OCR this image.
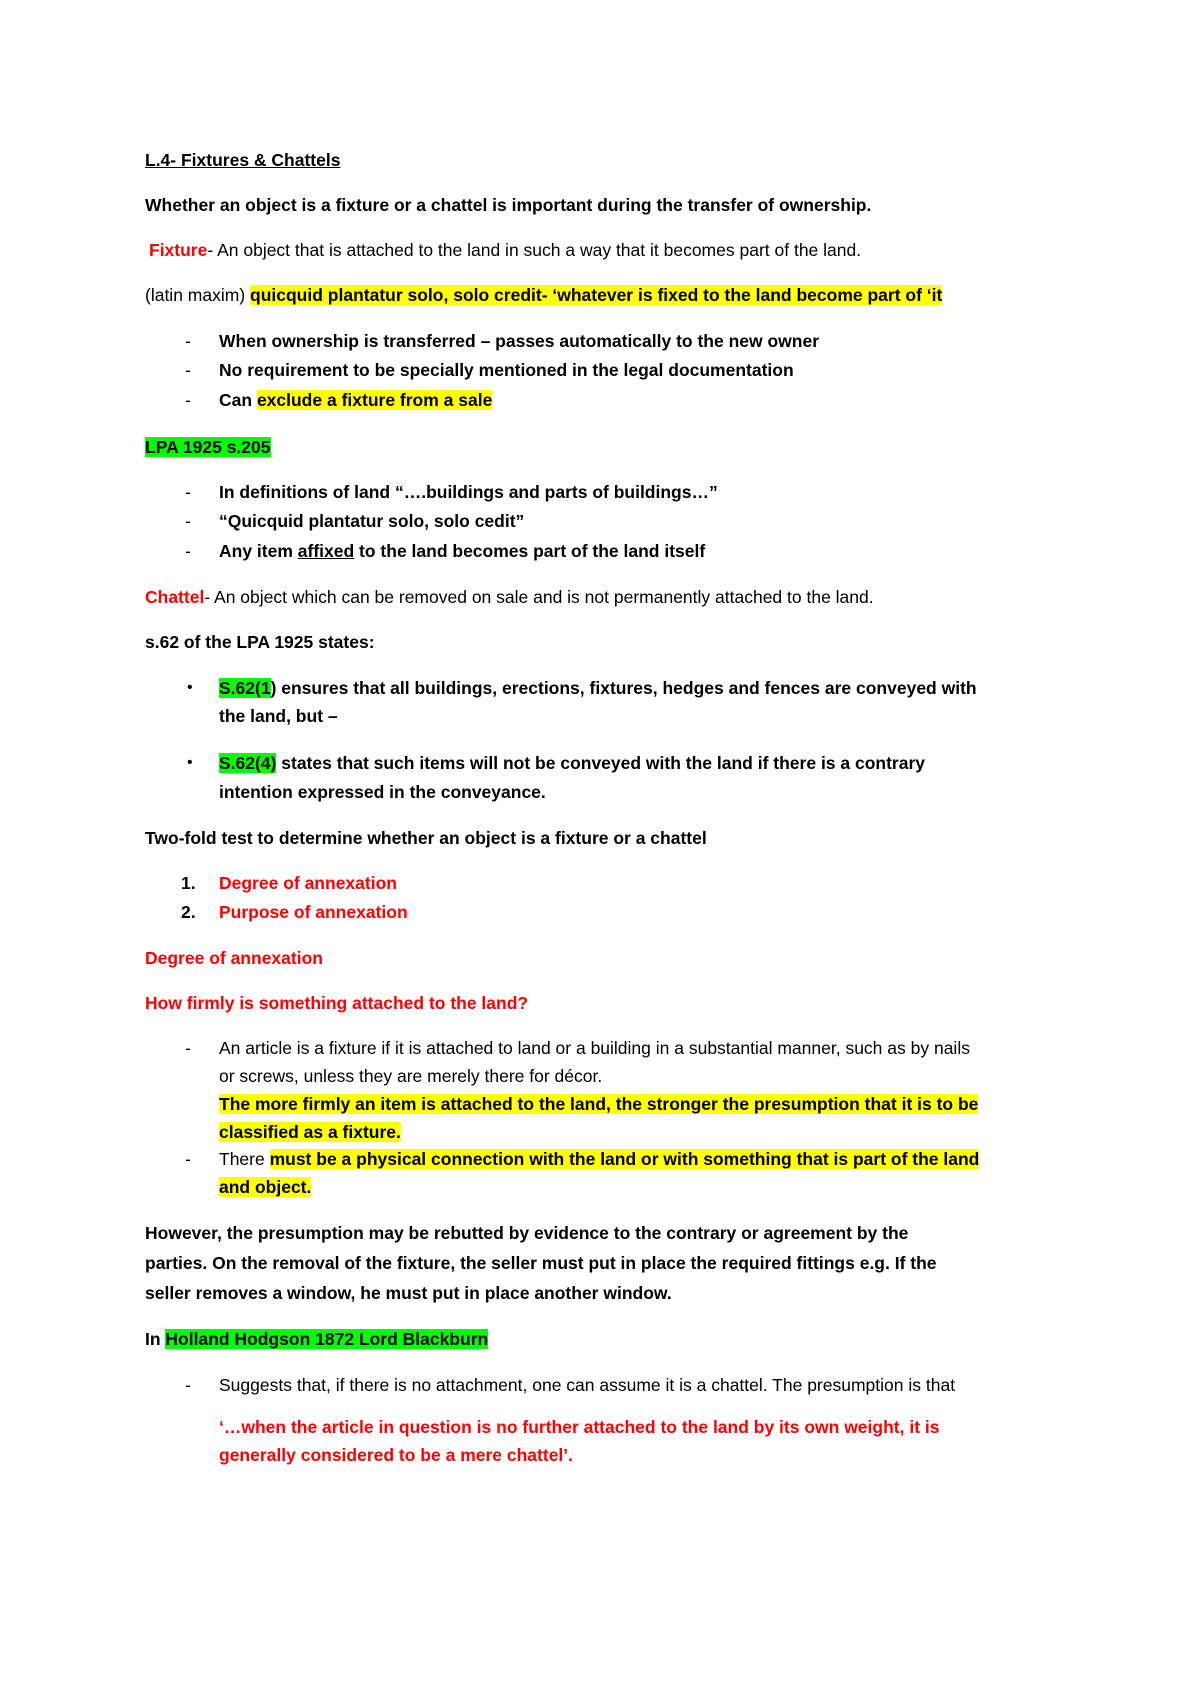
L.4- Fixtures & Chattels
Whether an object is a fixture or a chattel is important during the transfer of ownership.
Fixture- An object that is attached to the land in such a way that it becomes part of the land.
(latin maxim) quicquid plantatur solo, solo credit- ‘whatever is fixed to the land become part of ‘it
- When ownership is transferred – passes automatically to the new owner
- No requirement to be specially mentioned in the legal documentation
- Can exclude a fixture from a sale
LPA 1925 s.205
- In definitions of land “….buildings and parts of buildings…”
- “Quicquid plantatur solo, solo cedit”
- Any item affixed to the land becomes part of the land itself
Chattel- An object which can be removed on sale and is not permanently attached to the land.
s.62 of the LPA 1925 states:
• S.62(1) ensures that all buildings, erections, fixtures, hedges and fences are conveyed with
the land, but –
• S.62(4) states that such items will not be conveyed with the land if there is a contrary
intention expressed in the conveyance.
Two-fold test to determine whether an object is a fixture or a chattel
1. Degree of annexation
2. Purpose of annexation
Degree of annexation
How firmly is something attached to the land?
- An article is a fixture if it is attached to land or a building in a substantial manner, such as by nails
or screws, unless they are merely there for décor.
The more firmly an item is attached to the land, the stronger the presumption that it is to be
classified as a fixture.
- There must be a physical connection with the land or with something that is part of the land
and object.
However, the presumption may be rebutted by evidence to the contrary or agreement by the
parties. On the removal of the fixture, the seller must put in place the required fittings e.g. If the
seller removes a window, he must put in place another window.
In Holland Hodgson 1872 Lord Blackburn
- Suggests that, if there is no attachment, one can assume it is a chattel. The presumption is that
‘…when the article in question is no further attached to the land by its own weight, it is
generally considered to be a mere chattel’.
